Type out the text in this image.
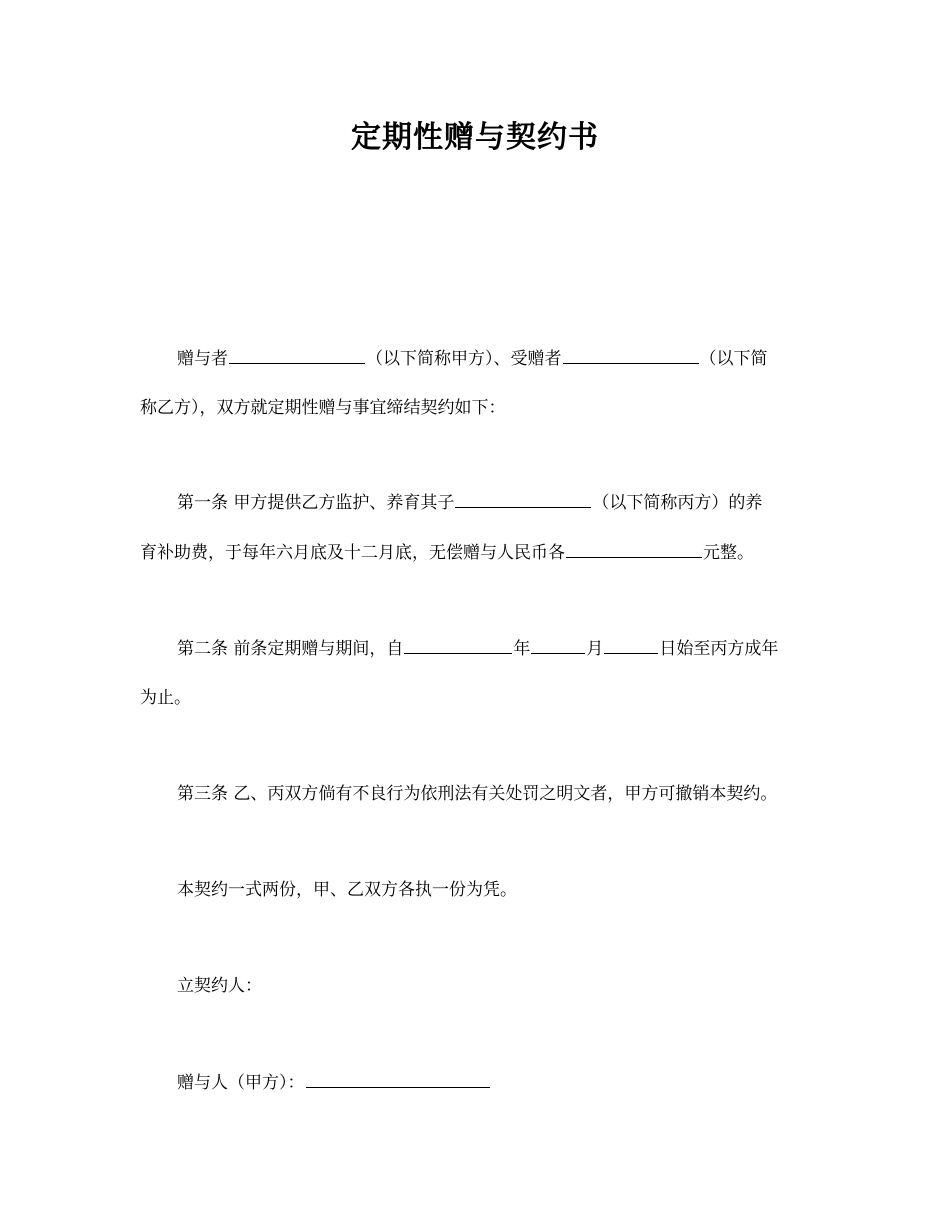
定期性赠与契约书
赠与者	（以下简称甲方）、受赠者	（以下简
称乙方），双方就定期性赠与事宜缔结契约如下：
第一条 甲方提供乙方监护、养育其子	（以下简称丙方）的养
育补助费，于每年六月底及十二月底，无偿赠与人民币各	元整。
第二条 前条定期赠与期间，自	年	月	日始至丙方成年
为止。
第三条 乙、丙双方倘有不良行为依刑法有关处罚之明文者，甲方可撤销本契约。
本契约一式两份，甲、乙双方各执一份为凭。
立契约人：
赠与人（甲方）：
